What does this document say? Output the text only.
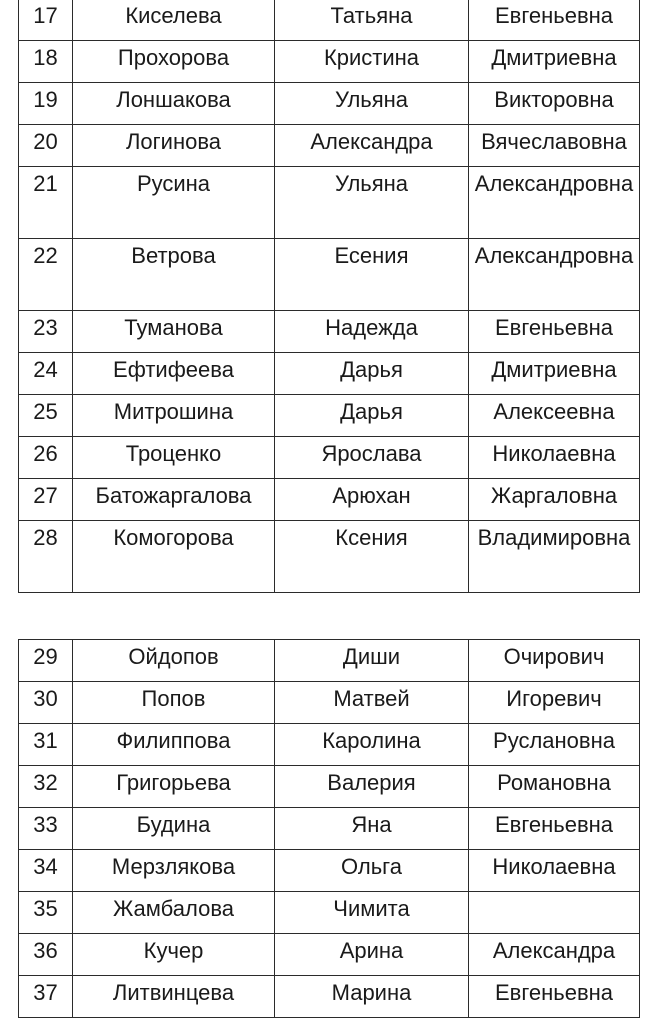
17	Киселева	Татьяна	Евгеньевна
18	Прохорова	Кристина	Дмитриевна
19	Лоншакова	Ульяна	Викторовна
20	Логинова	Александра	Вячеславовна
21	Русина	Ульяна	Александровна
22	Ветрова	Есения	Александровна
23	Туманова	Надежда	Евгеньевна
24	Ефтифеева	Дарья	Дмитриевна
25	Митрошина	Дарья	Алексеевна
26	Троценко	Ярослава	Николаевна
27	Батожаргалова	Арюхан	Жаргаловна
28	Комогорова	Ксения	Владимировна
29	Ойдопов	Диши	Очирович
30	Попов	Матвей	Игоревич
31	Филиппова	Каролина	Руслановна
32	Григорьева	Валерия	Романовна
33	Будина	Яна	Евгеньевна
34	Мерзлякова	Ольга	Николаевна
35	Жамбалова	Чимита	
36	Кучер	Арина	Александра
37	Литвинцева	Марина	Евгеньевна
